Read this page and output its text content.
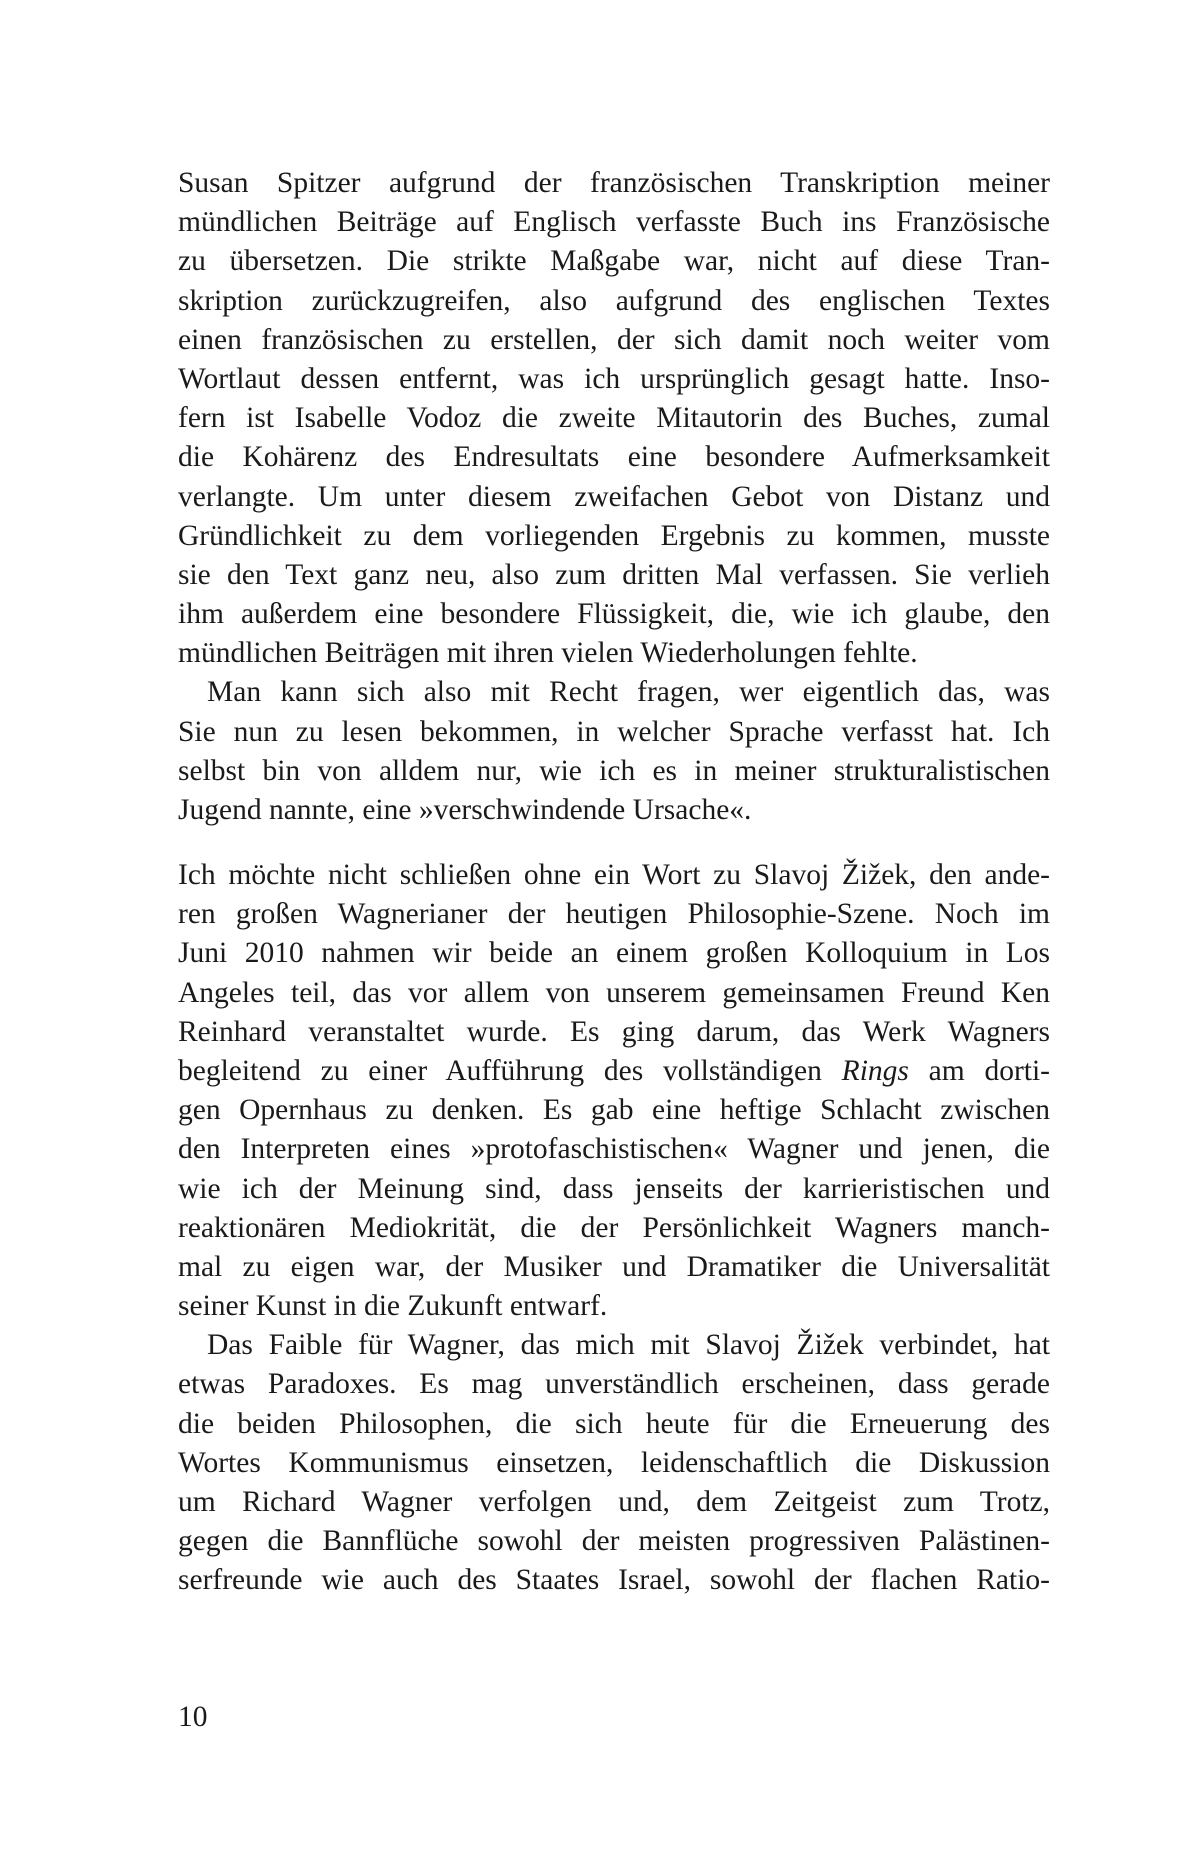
Susan Spitzer aufgrund der französischen Transkription meiner
mündlichen Beiträge auf Englisch verfasste Buch ins Französische
zu übersetzen. Die strikte Maßgabe war, nicht auf diese Tran-
skription zurückzugreifen, also aufgrund des englischen Textes
einen französischen zu erstellen, der sich damit noch weiter vom
Wortlaut dessen entfernt, was ich ursprünglich gesagt hatte. Inso-
fern ist Isabelle Vodoz die zweite Mitautorin des Buches, zumal
die Kohärenz des Endresultats eine besondere Aufmerksamkeit
verlangte. Um unter diesem zweifachen Gebot von Distanz und
Gründlichkeit zu dem vorliegenden Ergebnis zu kommen, musste
sie den Text ganz neu, also zum dritten Mal verfassen. Sie verlieh
ihm außerdem eine besondere Flüssigkeit, die, wie ich glaube, den
mündlichen Beiträgen mit ihren vielen Wiederholungen fehlte.

Man kann sich also mit Recht fragen, wer eigentlich das, was
Sie nun zu lesen bekommen, in welcher Sprache verfasst hat. Ich
selbst bin von alldem nur, wie ich es in meiner strukturalistischen
Jugend nannte, eine »verschwindende Ursache«.

Ich möchte nicht schließen ohne ein Wort zu Slavoj Žižek, den ande-
ren großen Wagnerianer der heutigen Philosophie-Szene. Noch im
Juni 2010 nahmen wir beide an einem großen Kolloquium in Los
Angeles teil, das vor allem von unserem gemeinsamen Freund Ken
Reinhard veranstaltet wurde. Es ging darum, das Werk Wagners
begleitend zu einer Aufführung des vollständigen Rings am dorti-
gen Opernhaus zu denken. Es gab eine heftige Schlacht zwischen
den Interpreten eines »protofaschistischen« Wagner und jenen, die
wie ich der Meinung sind, dass jenseits der karrieristischen und
reaktionären Mediokrität, die der Persönlichkeit Wagners manch-
mal zu eigen war, der Musiker und Dramatiker die Universalität
seiner Kunst in die Zukunft entwarf.

Das Faible für Wagner, das mich mit Slavoj Žižek verbindet, hat
etwas Paradoxes. Es mag unverständlich erscheinen, dass gerade
die beiden Philosophen, die sich heute für die Erneuerung des
Wortes Kommunismus einsetzen, leidenschaftlich die Diskussion
um Richard Wagner verfolgen und, dem Zeitgeist zum Trotz,
gegen die Bannflüche sowohl der meisten progressiven Palästinen-
serfreunde wie auch des Staates Israel, sowohl der flachen Ratio-

10
